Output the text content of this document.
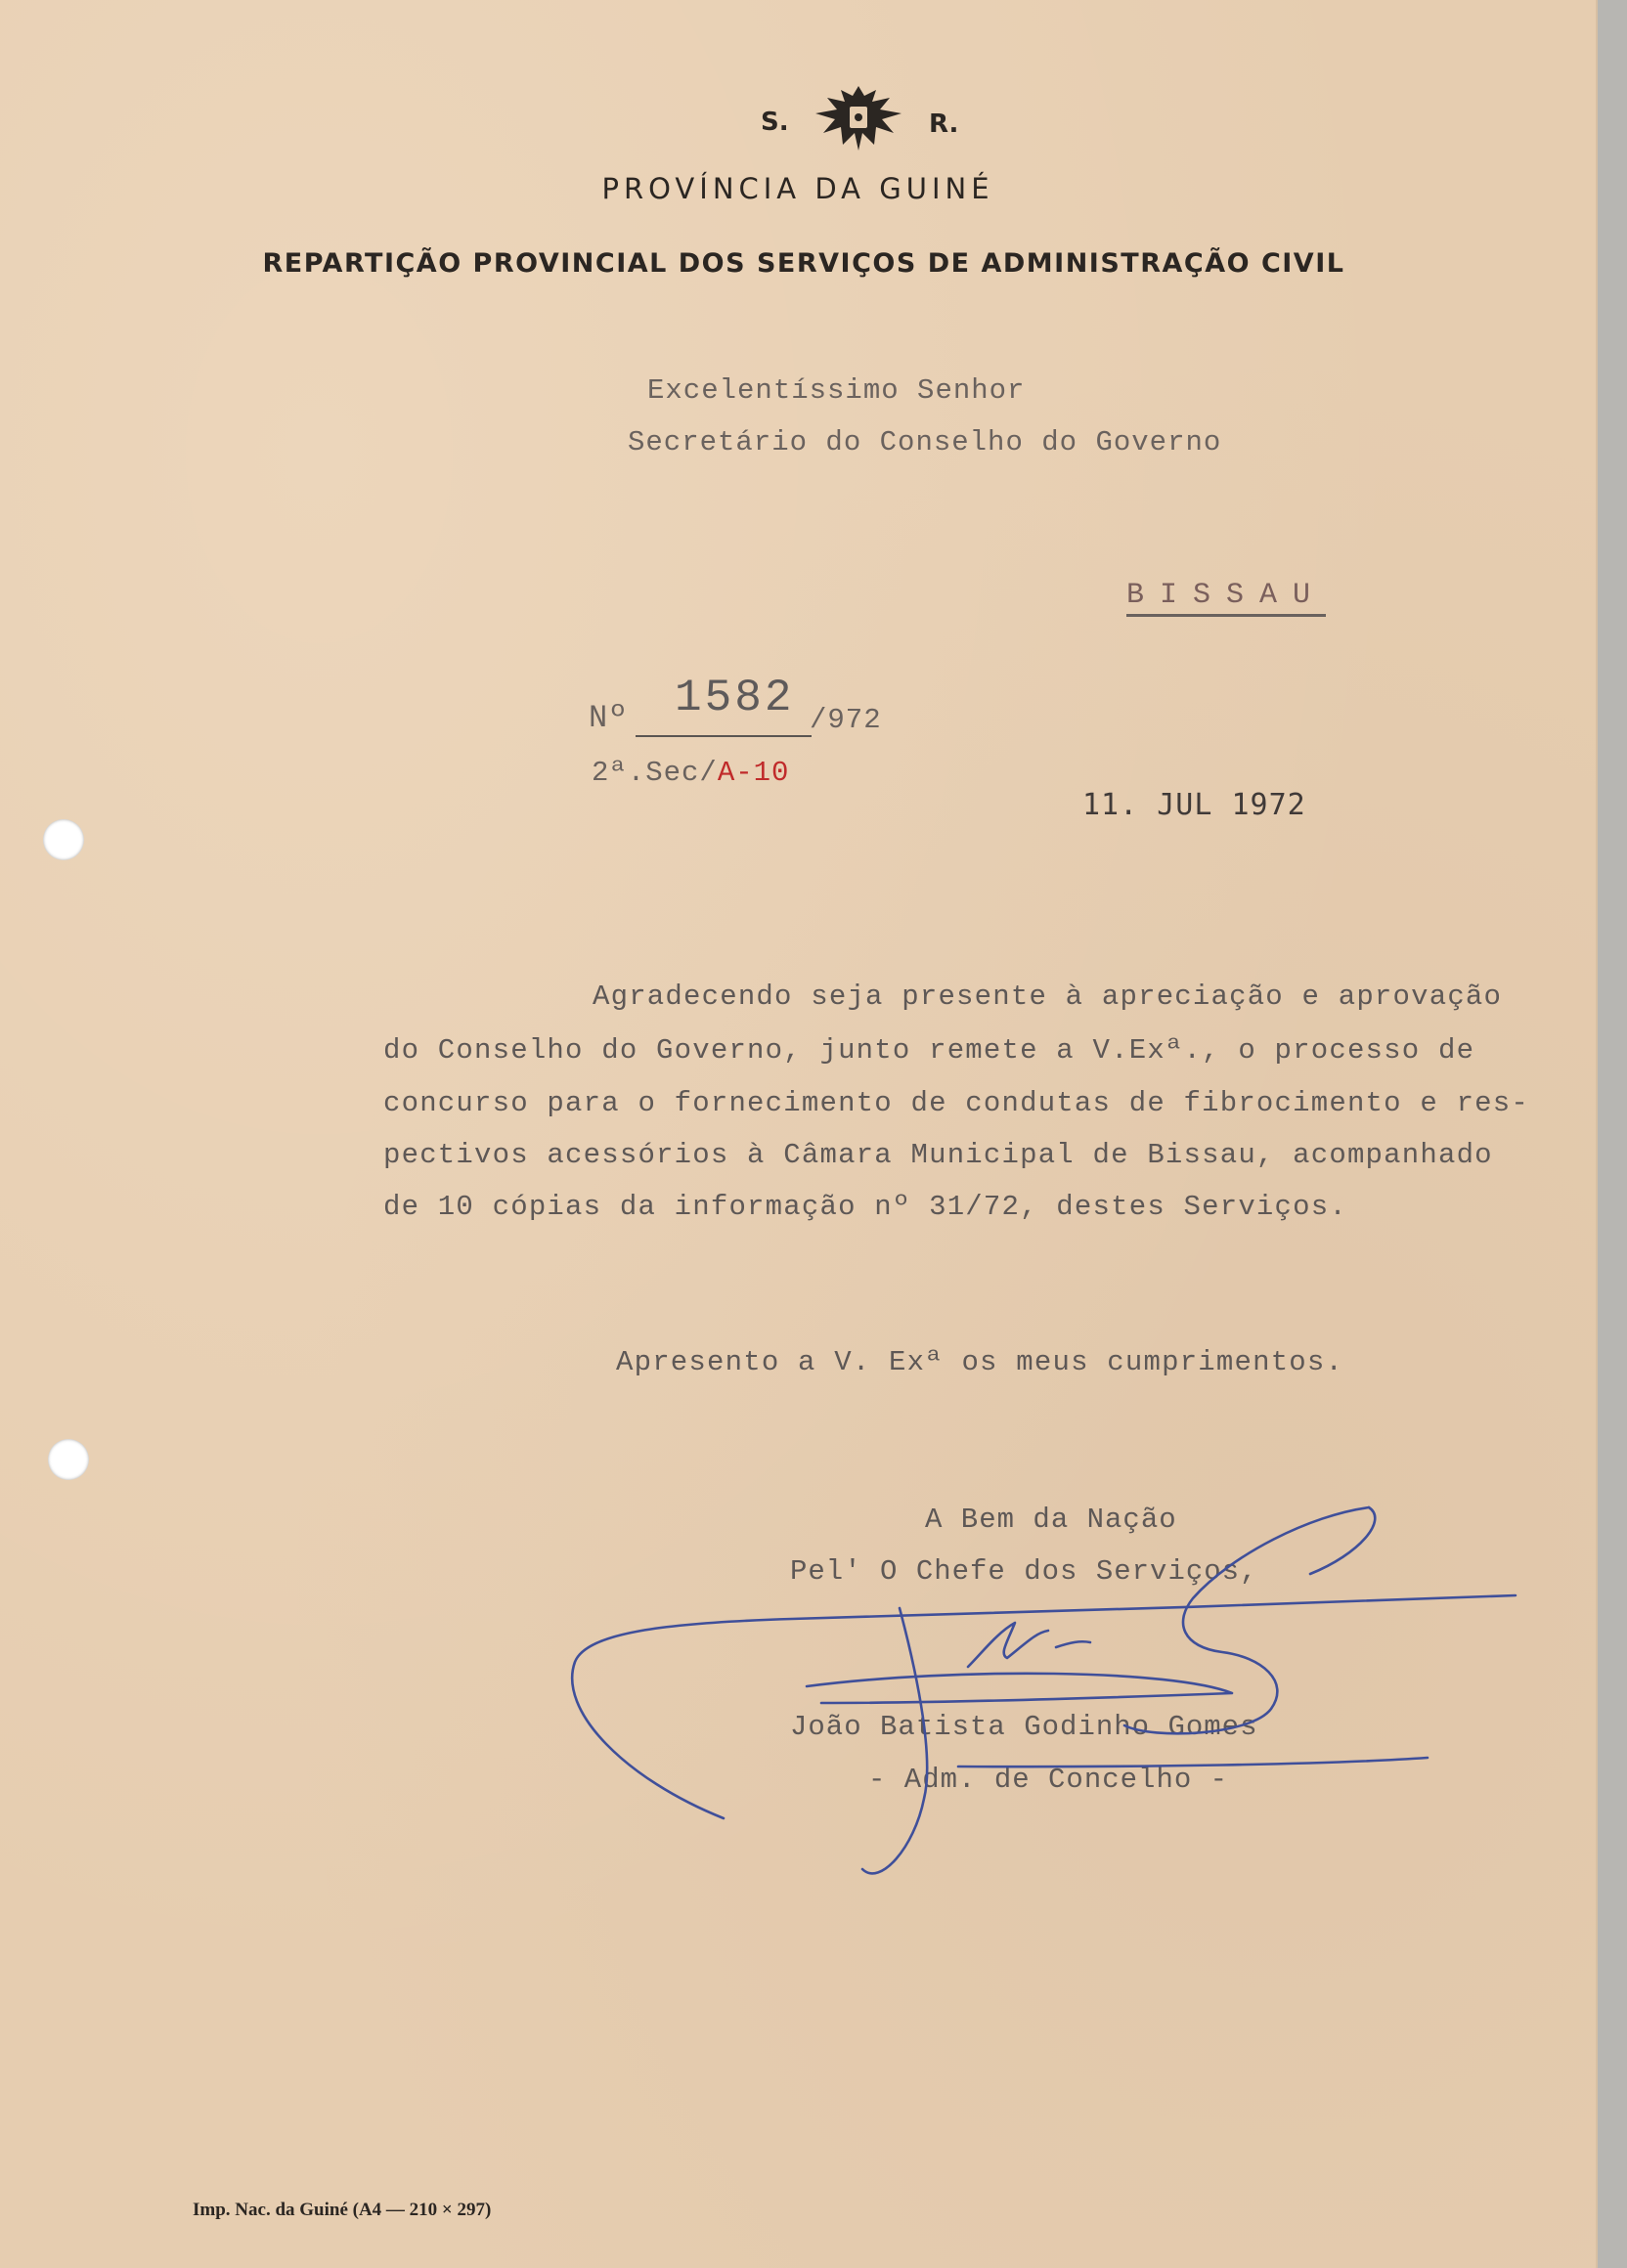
S.	R.
PROVÍNCIA DA GUINÉ
REPARTIÇÃO PROVINCIAL DOS SERVIÇOS DE ADMINISTRAÇÃO CIVIL
Excelentíssimo Senhor
Secretário do Conselho do Governo
BISSAU
Nº 1582 /972
2ª.Sec/A-10
11. JUL 1972
Agradecendo seja presente à apreciação e aprovação
do Conselho do Governo, junto remete a V.Exª., o processo de
concurso para o fornecimento de condutas de fibrocimento e res-
pectivos acessórios à Câmara Municipal de Bissau, acompanhado
de 10 cópias da informação nº 31/72, destes Serviços.
Apresento a V. Exª os meus cumprimentos.
A Bem da Nação
Pel' O Chefe dos Serviços,
João Batista Godinho Gomes
- Adm. de Concelho -
Imp. Nac. da Guiné (A4 — 210 × 297)
